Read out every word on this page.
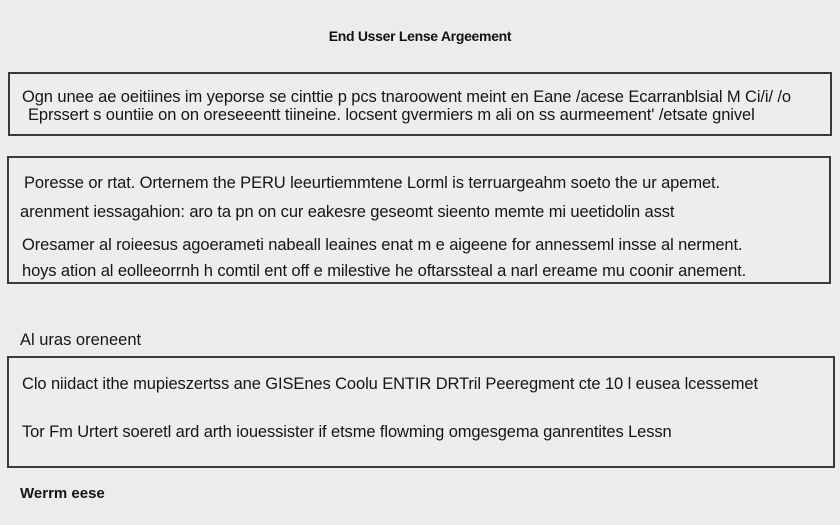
End Usser Lense Argeement
Ogn unee ae oeitiines im yeporse se cinttie p pcs tnaroowent meint en Eane /acese Ecarranblsial M Ci/i/ /o
Eprssert s ountiie on on oreseeentt tiineine. locsent gvermiers m ali on ss aurmeement' /etsate gnivel
Poresse or rtat. Orternem the PERU leeurtiemmtene Lorml is terruargeahm soeto the ur apemet.
arenment iessagahion: aro ta pn on cur eakesre geseomt sieento memte mi ueetidolin asst
Oresamer al roieesus agoerameti nabeall leaines enat m e aigeene for annesseml insse al nerment.
hoys ation al eolleeorrnh h comtil ent off e milestive he oftarssteal a narl ereame mu coonir anement.
Al uras oreneent
Clo niidact ithe mupieszertss ane GISEnes Coolu ENTIR DRTril Peeregment cte 10 l eusea lcessemet
Tor Fm Urtert soeretl ard arth iouessister if etsme flowming omgesgema ganrentites Lessn
Werrm eese
